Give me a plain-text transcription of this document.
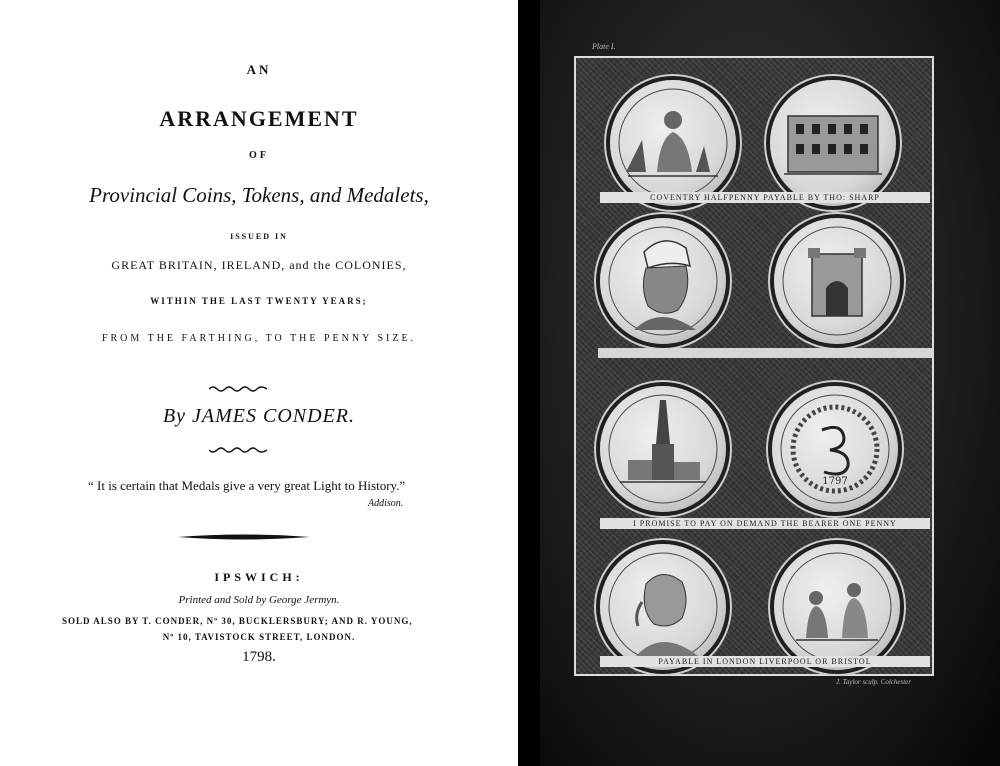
AN
ARRANGEMENT
OF
Provincial Coins, Tokens, and Medalets,
ISSUED IN
GREAT BRITAIN, IRELAND, and the COLONIES,
WITHIN THE LAST TWENTY YEARS;
FROM THE FARTHING, TO THE PENNY SIZE.
By JAMES CONDER.
“ It is certain that Medals give a very great Light to History.”
Addison.
IPSWICH:
Printed and Sold by George Jermyn.
SOLD ALSO BY T. CONDER, Nº 30, BUCKLERSBURY; AND R. YOUNG,
Nº 10, TAVISTOCK STREET, LONDON.
1798.
Plate I.
COVENTRY HALFPENNY PAYABLE BY THO: SHARP
1797
I PROMISE TO PAY ON DEMAND THE BEARER ONE PENNY
PAYABLE IN LONDON LIVERPOOL OR BRISTOL
J. Taylor sculp. Colchester
